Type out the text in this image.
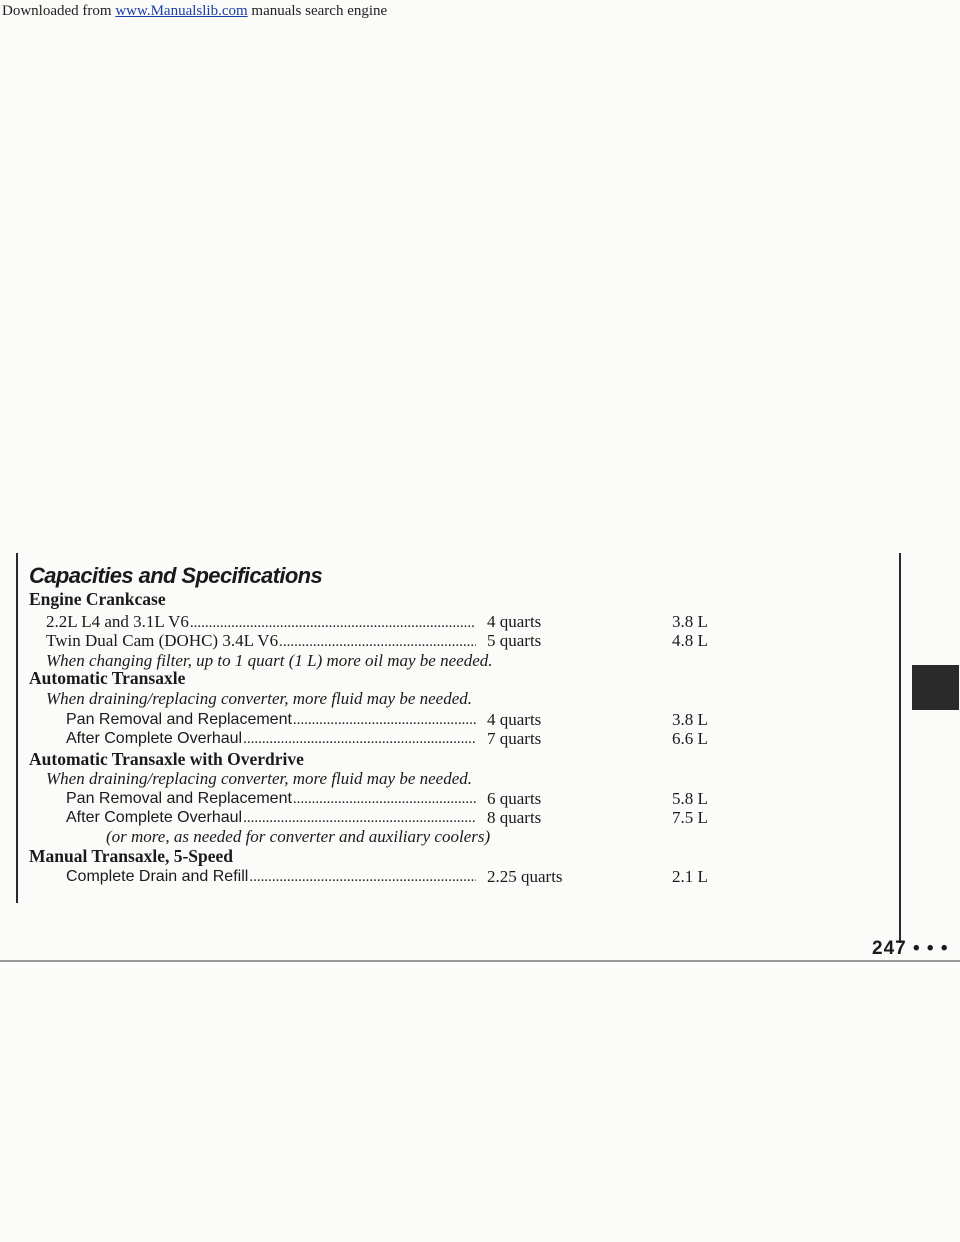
Downloaded from www.Manualslib.com manuals search engine
Capacities and Specifications
Engine Crankcase
2.2L L4 and 3.1L V6 .....	4 quarts	3.8 L
Twin Dual Cam (DOHC) 3.4L V6 .....	5 quarts	4.8 L
When changing filter, up to 1 quart (1 L) more oil may be needed.
Automatic Transaxle
When draining/replacing converter, more fluid may be needed.
Pan Removal and Replacement .....	4 quarts	3.8 L
After Complete Overhaul .....	7 quarts	6.6 L
Automatic Transaxle with Overdrive
When draining/replacing converter, more fluid may be needed.
Pan Removal and Replacement .....	6 quarts	5.8 L
After Complete Overhaul .....	8 quarts	7.5 L
(or more, as needed for converter and auxiliary coolers)
Manual Transaxle, 5-Speed
Complete Drain and Refill .....	2.25 quarts	2.1 L
247 • • •
